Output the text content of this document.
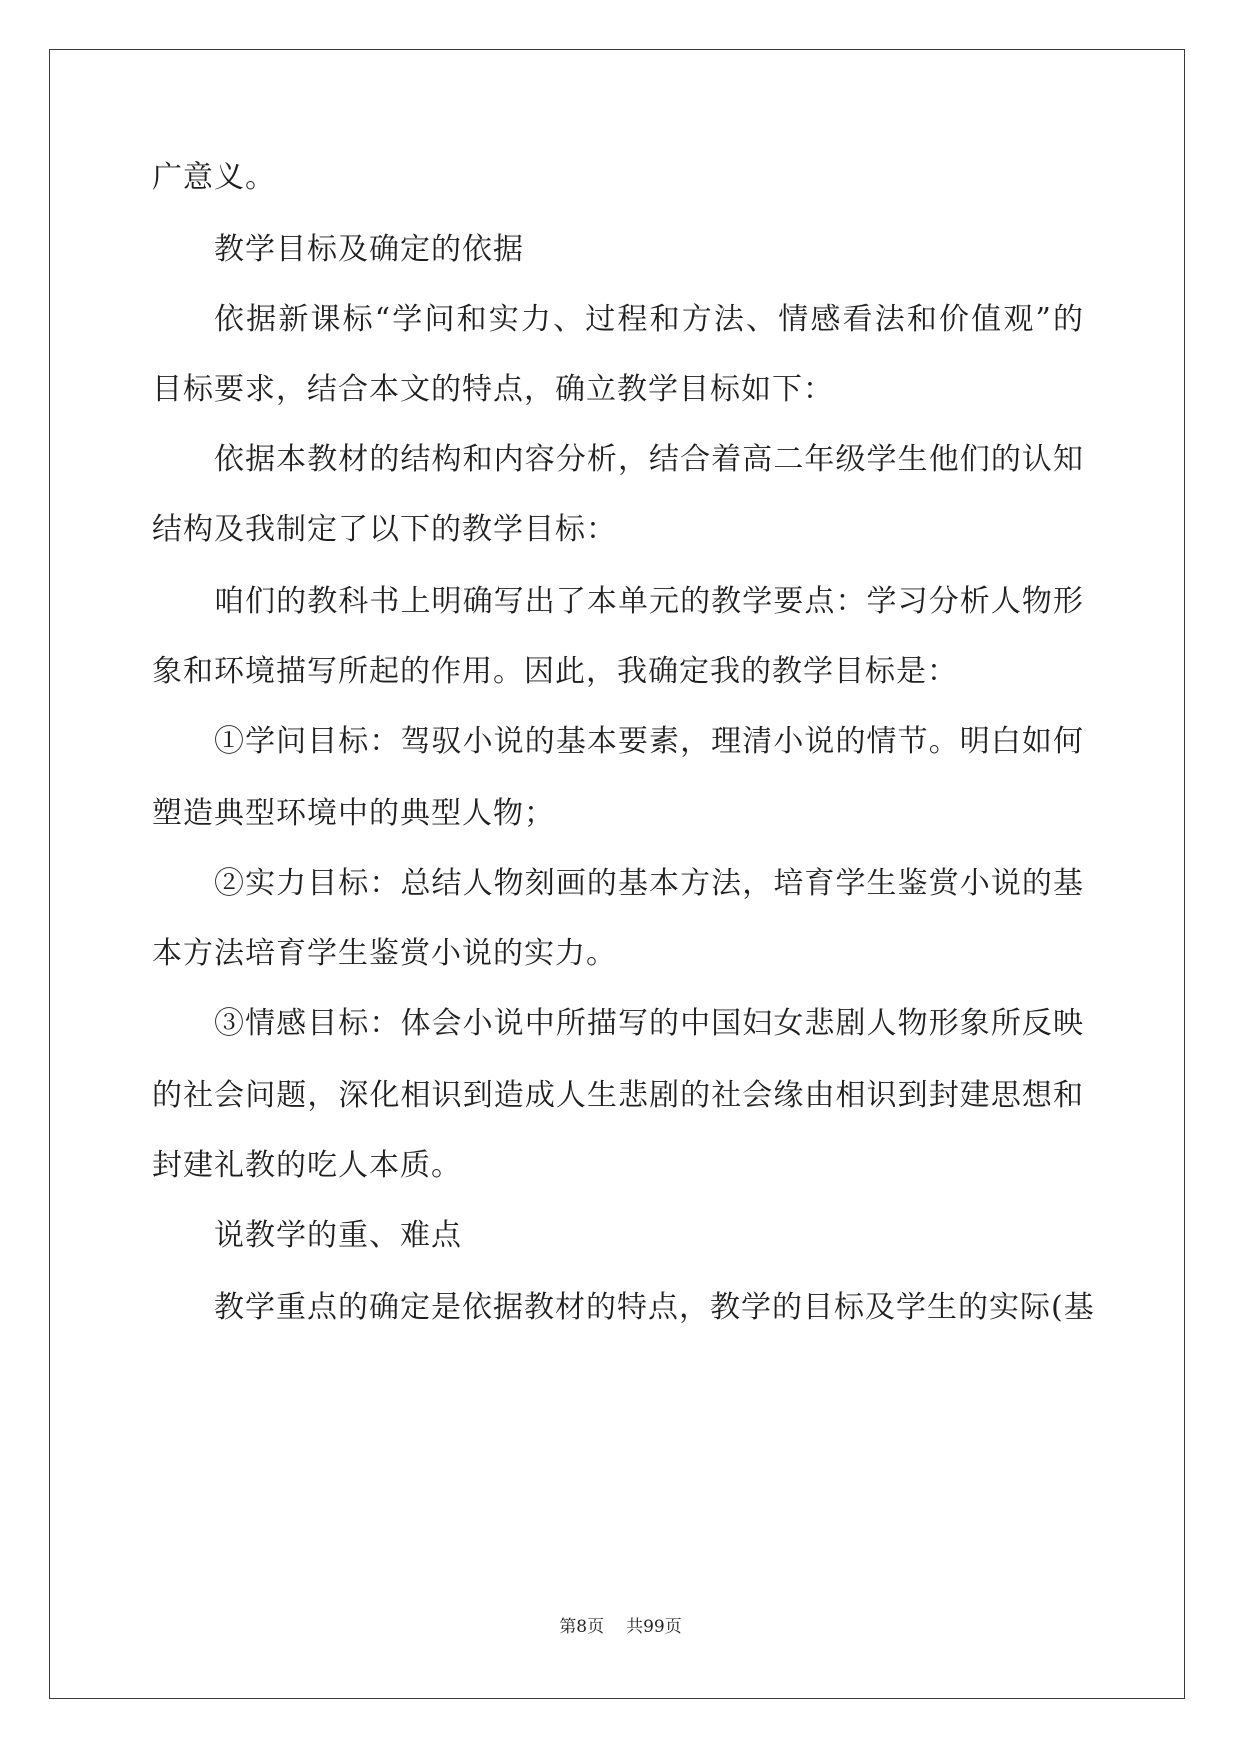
广意义。
教学目标及确定的依据
依据新课标“学问和实力、过程和方法、情感看法和价值观”的
目标要求，结合本文的特点，确立教学目标如下：
依据本教材的结构和内容分析，结合着高二年级学生他们的认知
结构及我制定了以下的教学目标：
咱们的教科书上明确写出了本单元的教学要点：学习分析人物形
象和环境描写所起的作用。因此，我确定我的教学目标是：
①学问目标：驾驭小说的基本要素，理清小说的情节。明白如何
塑造典型环境中的典型人物；
②实力目标：总结人物刻画的基本方法，培育学生鉴赏小说的基
本方法培育学生鉴赏小说的实力。
③情感目标：体会小说中所描写的中国妇女悲剧人物形象所反映
的社会问题，深化相识到造成人生悲剧的社会缘由相识到封建思想和
封建礼教的吃人本质。
说教学的重、难点
教学重点的确定是依据教材的特点，教学的目标及学生的实际(基
第8页 共99页
